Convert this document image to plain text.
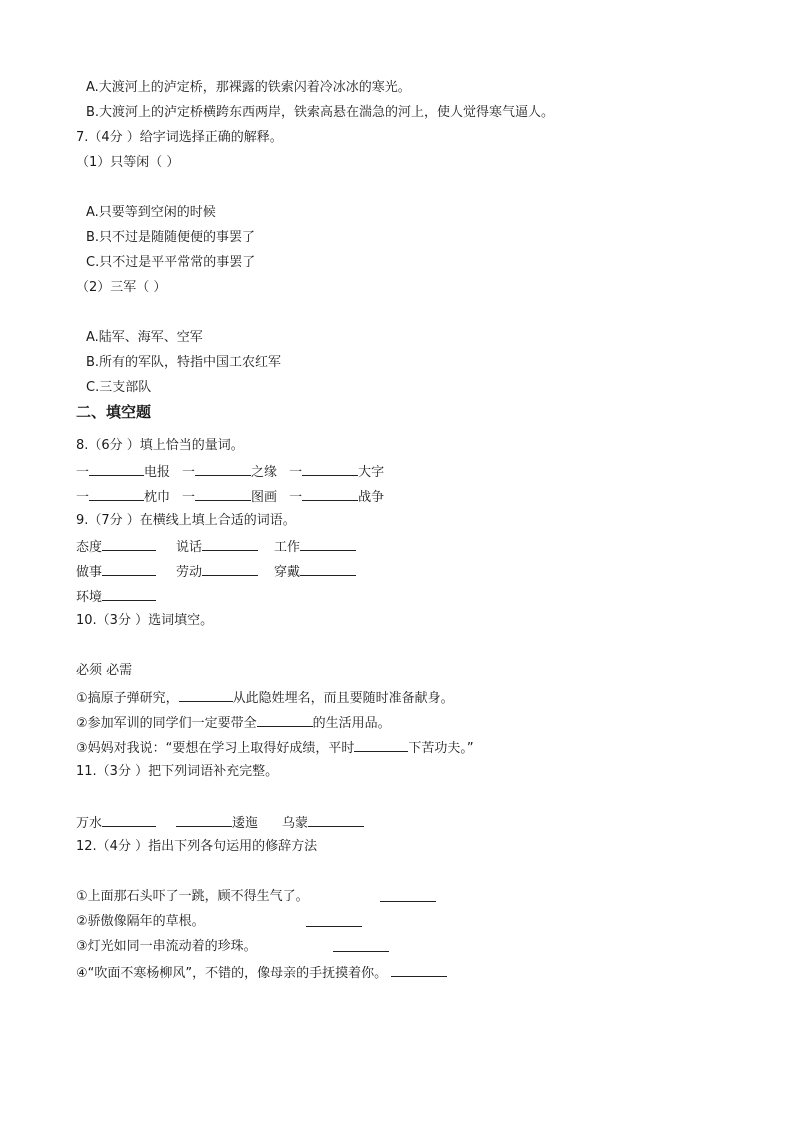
A.大渡河上的泸定桥，那裸露的铁索闪着冷冰冰的寒光。
B.大渡河上的泸定桥横跨东西两岸，铁索高悬在湍急的河上，使人觉得寒气逼人。
7.（4分 ）给字词选择正确的解释。
（1）只等闲（ ）
A.只要等到空闲的时候
B.只不过是随随便便的事罢了
C.只不过是平平常常的事罢了
（2）三军（ ）
A.陆军、海军、空军
B.所有的军队，特指中国工农红军
C.三支部队
二、填空题
8.（6分 ）填上恰当的量词。
一	电报 一	之缘 一	大字
一	枕巾 一	图画 一	战争
9.（7分 ）在横线上填上合适的词语。
态度	说话	工作
做事	劳动	穿戴
环境
10.（3分 ）选词填空。
必须 必需
①搞原子弹研究，	从此隐姓埋名，而且要随时准备献身。
②参加军训的同学们一定要带全	的生活用品。
③妈妈对我说：“要想在学习上取得好成绩，平时	下苦功夫。”
11.（3分 ）把下列词语补充完整。
万水	逶迤 乌蒙
12.（4分 ）指出下列各句运用的修辞方法
①上面那石头吓了一跳，顾不得生气了。
②骄傲像隔年的草根。
③灯光如同一串流动着的珍珠。
④“吹面不寒杨柳风”，不错的，像母亲的手抚摸着你。
